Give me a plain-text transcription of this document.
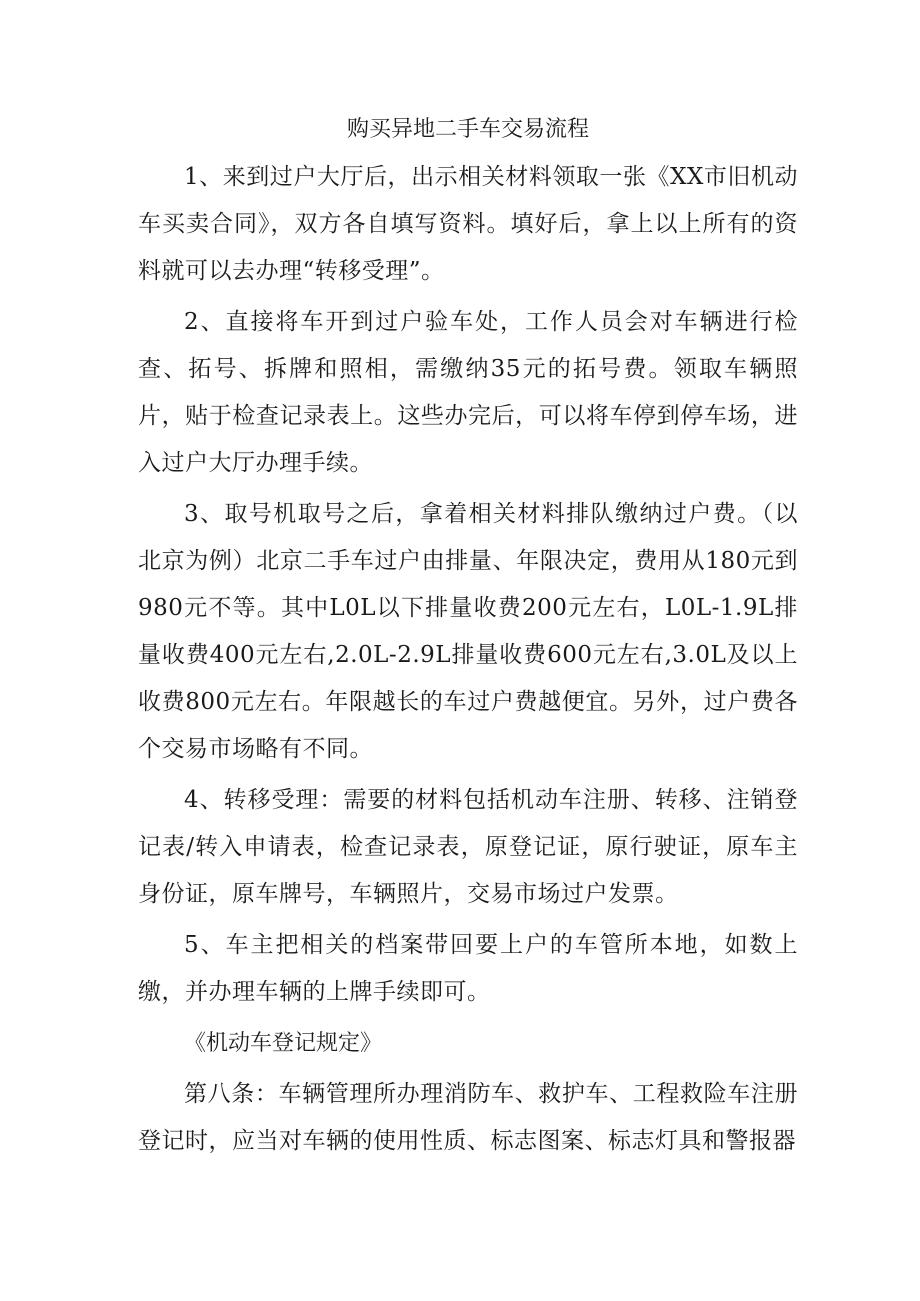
购买异地二手车交易流程

1、来到过户大厅后，出示相关材料领取一张《XX市旧机动车买卖合同》，双方各自填写资料。填好后，拿上以上所有的资料就可以去办理“转移受理”。

2、直接将车开到过户验车处，工作人员会对车辆进行检查、拓号、拆牌和照相，需缴纳35元的拓号费。领取车辆照片，贴于检查记录表上。这些办完后，可以将车停到停车场，进入过户大厅办理手续。

3、取号机取号之后，拿着相关材料排队缴纳过户费。（以北京为例）北京二手车过户由排量、年限决定，费用从180元到980元不等。其中L0L以下排量收费200元左右，L0L-1.9L排量收费400元左右,2.0L-2.9L排量收费600元左右,3.0L及以上收费800元左右。年限越长的车过户费越便宜。另外，过户费各个交易市场略有不同。

4、转移受理：需要的材料包括机动车注册、转移、注销登记表/转入申请表，检查记录表，原登记证，原行驶证，原车主身份证，原车牌号，车辆照片，交易市场过户发票。

5、车主把相关的档案带回要上户的车管所本地，如数上缴，并办理车辆的上牌手续即可。

《机动车登记规定》

第八条：车辆管理所办理消防车、救护车、工程救险车注册登记时，应当对车辆的使用性质、标志图案、标志灯具和警报器
